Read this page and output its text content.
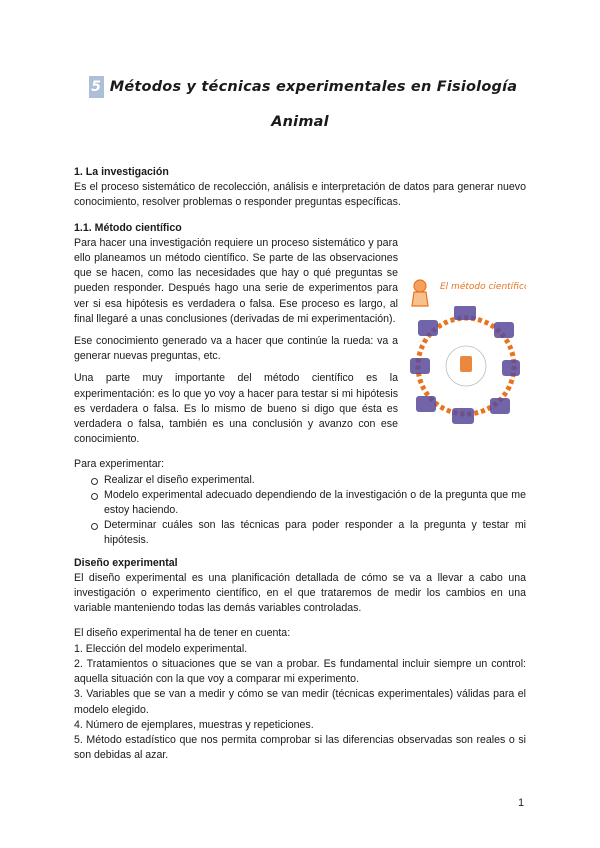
5 Métodos y técnicas experimentales en Fisiología
Animal

1. La investigación

Es el proceso sistemático de recolección, análisis e interpretación de datos para generar nuevo conocimiento, resolver problemas o responder preguntas específicas.

1.1. Método científico

Para hacer una investigación requiere un proceso sistemático y para ello planeamos un método científico. Se parte de las observaciones que se hacen, como las necesidades que hay o qué preguntas se pueden responder. Después hago una serie de experimentos para ver si esa hipótesis es verdadera o falsa. Ese proceso es largo, al final llegaré a unas conclusiones (derivadas de mi experimentación).

Ese conocimiento generado va a hacer que continúe la rueda: va a generar nuevas preguntas, etc.

Una parte muy importante del método científico es la experimentación: es lo que yo voy a hacer para testar si mi hipótesis es verdadera o falsa. Es lo mismo de bueno si digo que ésta es verdadera o falsa, también es una conclusión y avanzo con ese conocimiento.

Para experimentar:

Realizar el diseño experimental.
Modelo experimental adecuado dependiendo de la investigación o de la pregunta que me estoy haciendo.
Determinar cuáles son las técnicas para poder responder a la pregunta y testar mi hipótesis.

Diseño experimental

El diseño experimental es una planificación detallada de cómo se va a llevar a cabo una investigación o experimento científico, en el que trataremos de medir los cambios en una variable manteniendo todas las demás variables controladas.

El diseño experimental ha de tener en cuenta:

1. Elección del modelo experimental.

2. Tratamientos o situaciones que se van a probar. Es fundamental incluir siempre un control: aquella situación con la que voy a comparar mi experimento.

3. Variables que se van a medir y cómo se van medir (técnicas experimentales) válidas para el modelo elegido.

4. Número de ejemplares, muestras y repeticiones.

5. Método estadístico que nos permita comprobar si las diferencias observadas son reales o si son debidas al azar.

El método científico
1
